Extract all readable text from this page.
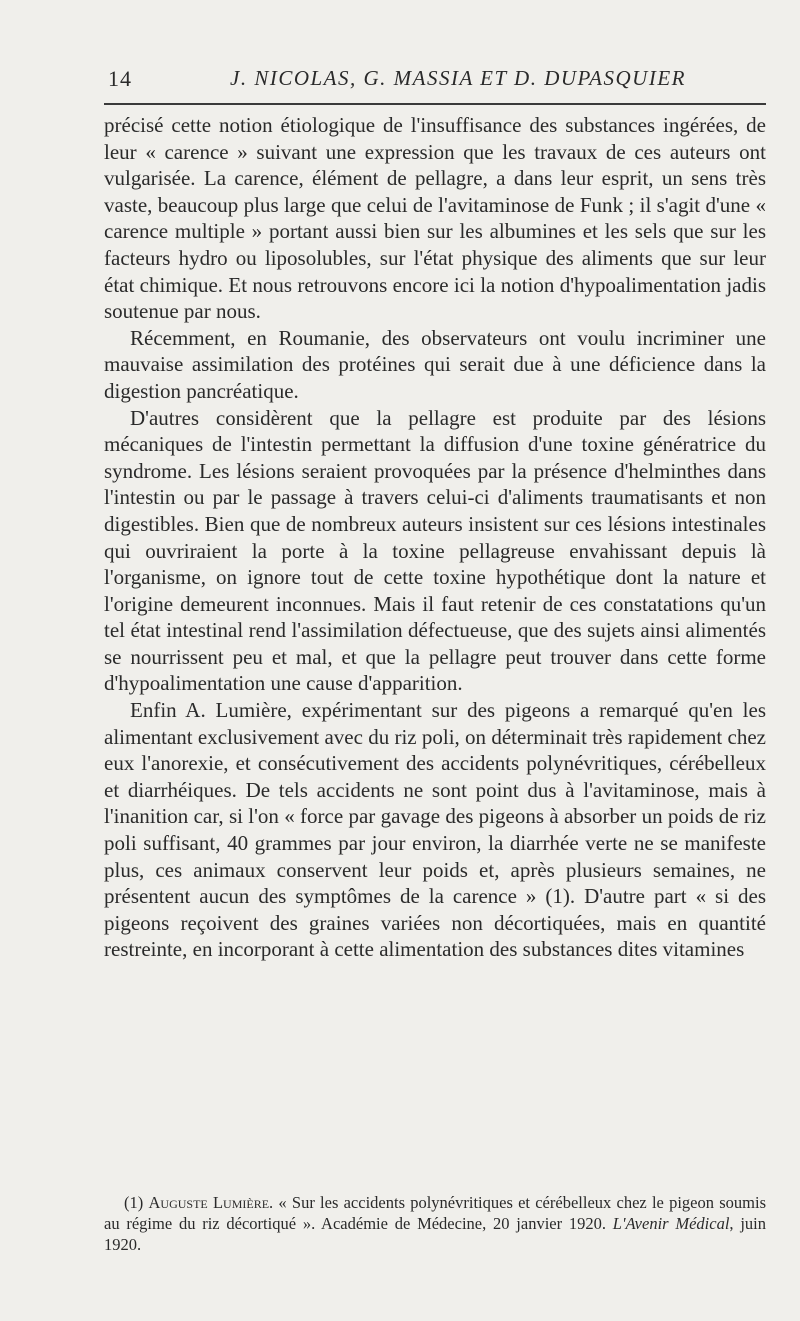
14	J. NICOLAS, G. MASSIA ET D. DUPASQUIER

précisé cette notion étiologique de l'insuffisance des substances ingérées, de leur « carence » suivant une expression que les travaux de ces auteurs ont vulgarisée. La carence, élément de pellagre, a dans leur esprit, un sens très vaste, beaucoup plus large que celui de l'avitaminose de Funk ; il s'agit d'une « carence multiple » portant aussi bien sur les albumines et les sels que sur les facteurs hydro ou liposolubles, sur l'état physique des aliments que sur leur état chimique. Et nous retrouvons encore ici la notion d'hypoalimentation jadis soutenue par nous.

Récemment, en Roumanie, des observateurs ont voulu incriminer une mauvaise assimilation des protéines qui serait due à une déficience dans la digestion pancréatique.

D'autres considèrent que la pellagre est produite par des lésions mécaniques de l'intestin permettant la diffusion d'une toxine génératrice du syndrome. Les lésions seraient provoquées par la présence d'helminthes dans l'intestin ou par le passage à travers celui-ci d'aliments traumatisants et non digestibles. Bien que de nombreux auteurs insistent sur ces lésions intestinales qui ouvriraient la porte à la toxine pellagreuse envahissant depuis là l'organisme, on ignore tout de cette toxine hypothétique dont la nature et l'origine demeurent inconnues. Mais il faut retenir de ces constatations qu'un tel état intestinal rend l'assimilation défectueuse, que des sujets ainsi alimentés se nourrissent peu et mal, et que la pellagre peut trouver dans cette forme d'hypoalimentation une cause d'apparition.

Enfin A. Lumière, expérimentant sur des pigeons a remarqué qu'en les alimentant exclusivement avec du riz poli, on déterminait très rapidement chez eux l'anorexie, et consécutivement des accidents polynévritiques, cérébelleux et diarrhéiques. De tels accidents ne sont point dus à l'avitaminose, mais à l'inanition car, si l'on « force par gavage des pigeons à absorber un poids de riz poli suffisant, 40 grammes par jour environ, la diarrhée verte ne se manifeste plus, ces animaux conservent leur poids et, après plusieurs semaines, ne présentent aucun des symptômes de la carence » (1). D'autre part « si des pigeons reçoivent des graines variées non décortiquées, mais en quantité restreinte, en incorporant à cette alimentation des substances dites vitamines

(1) Auguste Lumière. « Sur les accidents polynévritiques et cérébelleux chez le pigeon soumis au régime du riz décortiqué ». Académie de Médecine, 20 janvier 1920. L'Avenir Médical, juin 1920.
